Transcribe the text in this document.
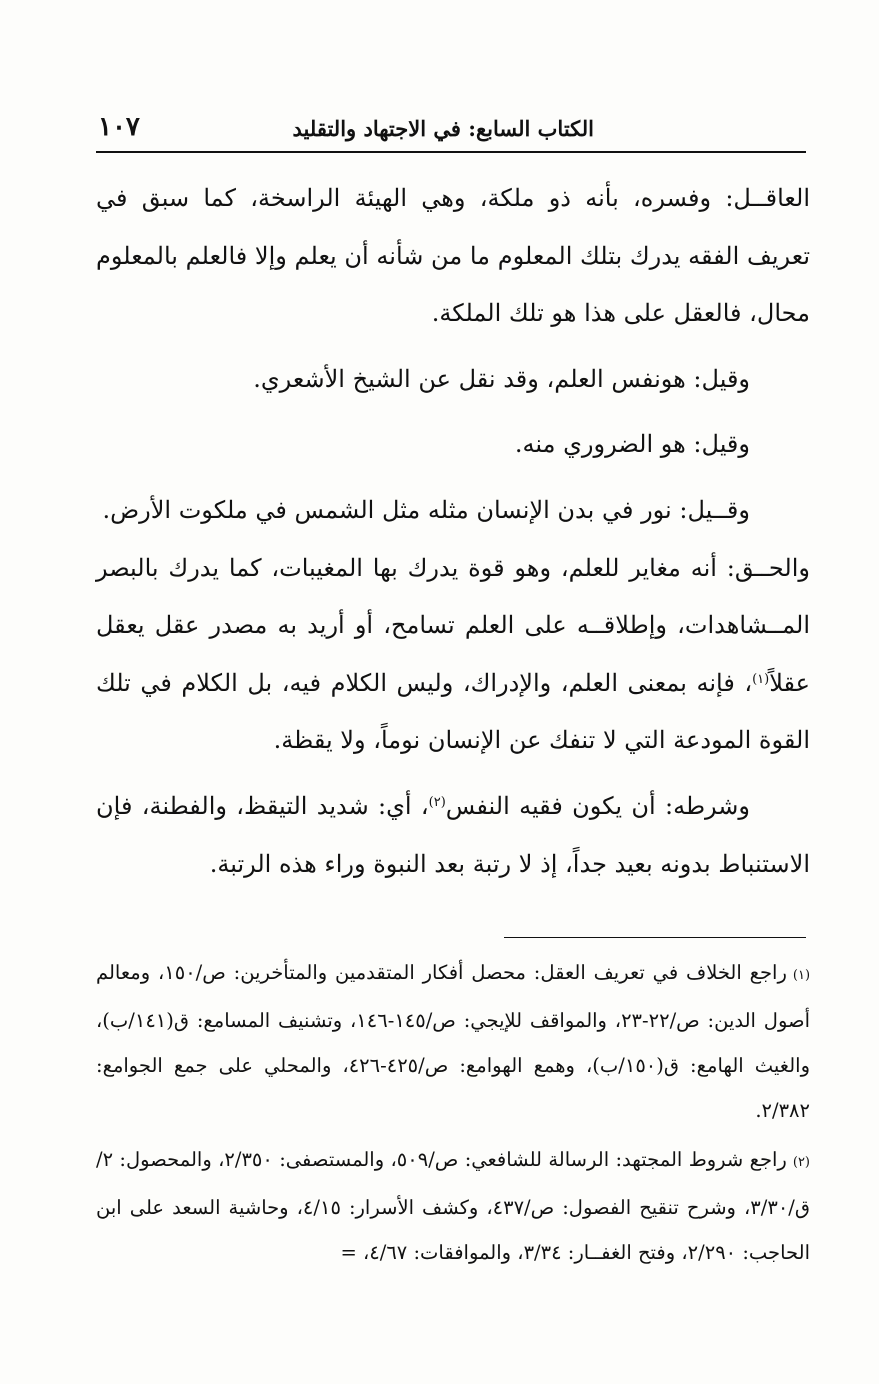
الكتاب السابع: في الاجتهاد والتقليد
١٠٧

العاقــل: وفسره، بأنه ذو ملكة، وهي الهيئة الراسخة، كما سبق في تعريف الفقه يدرك بتلك المعلوم ما من شأنه أن يعلم وإلا فالعلم بالمعلوم محال، فالعقل على هذا هو تلك الملكة.

وقيل: هونفس العلم، وقد نقل عن الشيخ الأشعري.

وقيل: هو الضروري منه.

وقــيل: نور في بدن الإنسان مثله مثل الشمس في ملكوت الأرض.

والحــق: أنه مغاير للعلم، وهو قوة يدرك بها المغيبات، كما يدرك بالبصر المــشاهدات، وإطلاقــه على العلم تسامح، أو أريد به مصدر عقل يعقل عقلاً$^{(١)}$، فإنه بمعنى العلم، والإدراك، وليس الكلام فيه، بل الكلام في تلك القوة المودعة التي لا تنفك عن الإنسان نوماً، ولا يقظة.

وشرطه: أن يكون فقيه النفس$^{(٢)}$، أي: شديد التيقظ، والفطنة، فإن الاستنباط بدونه بعيد جداً، إذ لا رتبة بعد النبوة وراء هذه الرتبة.

(١)راجع الخلاف في تعريف العقل: محصل أفكار المتقدمين والمتأخرين: ص/١٥٠، ومعالم أصول الدين: ص/٢٢-٢٣، والمواقف للإيجي: ص/١٤٥-١٤٦، وتشنيف المسامع: ق(١٤١/ب)، والغيث الهامع: ق(١٥٠/ب)، وهمع الهوامع: ص/٤٢٥-٤٢٦، والمحلي على جمع الجوامع: ٢/٣٨٢.

(٢)راجع شروط المجتهد: الرسالة للشافعي: ص/٥٠٩، والمستصفى: ٢/٣٥٠، والمحصول: ٢/ق/٣/٣٠، وشرح تنقيح الفصول: ص/٤٣٧، وكشف الأسرار: ٤/١٥، وحاشية السعد على ابن الحاجب: ٢/٢٩٠، وفتح الغفــار: ٣/٣٤، والموافقات: ٤/٦٧، =
